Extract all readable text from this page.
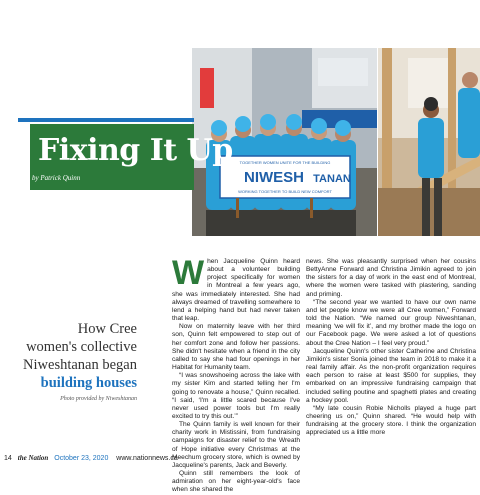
TOGETHER WOMEN UNITE FOR THE BUILDING
NIWESH TANAN
WORKING TOGETHER TO BUILD NEW COMFORT
Fixing It Up
by Patrick Quinn
How Cree
women's collective
Niweshtanan began
building houses
Photo provided by Niweshtanan

When Jacqueline Quinn heard about a volunteer building project specifically for women in Montreal a few years ago, she was immediately interested. She had always dreamed of travelling somewhere to lend a helping hand but had never taken that leap.

Now on maternity leave with her third son, Quinn felt empowered to step out of her comfort zone and follow her passions. She didn't hesitate when a friend in the city called to say she had four openings in her Habitat for Humanity team.

“I was snowshoeing across the lake with my sister Kim and started telling her I'm going to renovate a house,” Quinn recalled. “I said, ‘I'm a little scared because I've never used power tools but I'm really excited to try this out.’”

The Quinn family is well known for their charity work in Mistissini, from fundraising campaigns for disaster relief to the Wreath of Hope initiative every Christmas at the Meechum grocery store, which is owned by Jacqueline's parents, Jack and Beverly.

Quinn still remembers the look of admiration on her eight-year-old's face when she shared the

news. She was pleasantly surprised when her cousins BettyAnne Forward and Christina Jimikin agreed to join the sisters for a day of work in the east end of Montreal, where the women were tasked with plastering, sanding and priming.

“The second year we wanted to have our own name and let people know we were all Cree women,” Forward told the Nation. “We named our group Niweshtanan, meaning ‘we will fix it’, and my brother made the logo on our Facebook page. We were asked a lot of questions about the Cree Nation – I feel very proud.”

Jacqueline Quinn's other sister Catherine and Christina Jimikin's sister Sonia joined the team in 2018 to make it a real family affair. As the non-profit organization requires each person to raise at least $500 for supplies, they embarked on an impressive fundraising campaign that included selling poutine and spaghetti plates and creating a hockey pool.

“My late cousin Robie Nicholls played a huge part cheering us on,” Quinn shared. “He would help with fundraising at the grocery store. I think the organization appreciated us a little more

14 the Nation October 23, 2020 www.nationnews.ca
